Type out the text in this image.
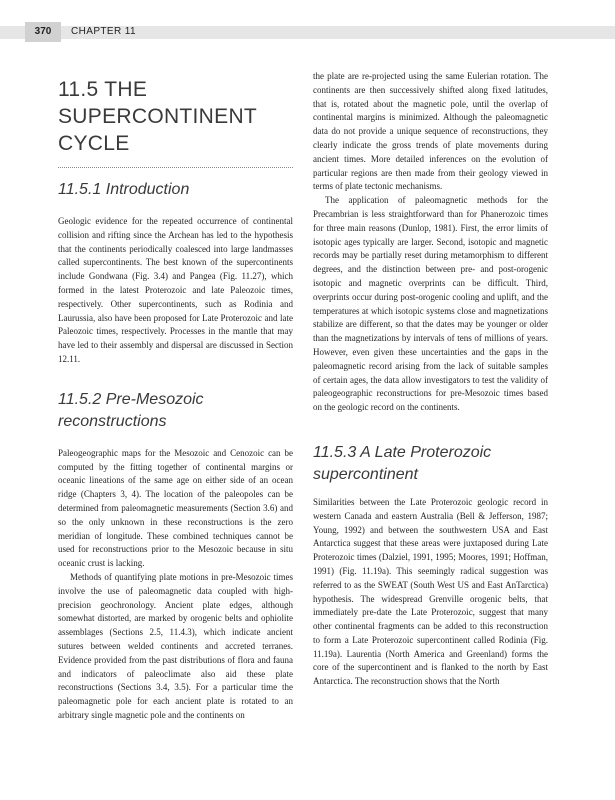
370	CHAPTER 11
11.5 THE SUPERCONTINENT CYCLE
11.5.1 Introduction

Geologic evidence for the repeated occurrence of continental collision and rifting since the Archean has led to the hypothesis that the continents periodically coalesced into large landmasses called supercontinents. The best known of the supercontinents include Gondwana (Fig. 3.4) and Pangea (Fig. 11.27), which formed in the latest Proterozoic and late Paleozoic times, respectively. Other supercontinents, such as Rodinia and Laurussia, also have been proposed for Late Proterozoic and late Paleozoic times, respectively. Processes in the mantle that may have led to their assembly and dispersal are discussed in Section 12.11.

11.5.2 Pre-Mesozoic reconstructions

Paleogeographic maps for the Mesozoic and Cenozoic can be computed by the fitting together of continental margins or oceanic lineations of the same age on either side of an ocean ridge (Chapters 3, 4). The location of the paleopoles can be determined from paleomagnetic measurements (Section 3.6) and so the only unknown in these reconstructions is the zero meridian of longitude. These combined techniques cannot be used for reconstructions prior to the Mesozoic because in situ oceanic crust is lacking.

Methods of quantifying plate motions in pre-Mesozoic times involve the use of paleomagnetic data coupled with high-precision geochronology. Ancient plate edges, although somewhat distorted, are marked by orogenic belts and ophiolite assemblages (Sections 2.5, 11.4.3), which indicate ancient sutures between welded continents and accreted terranes. Evidence provided from the past distributions of flora and fauna and indicators of paleoclimate also aid these plate reconstructions (Sections 3.4, 3.5). For a particular time the paleomagnetic pole for each ancient plate is rotated to an arbitrary single magnetic pole and the continents on

the plate are re-projected using the same Eulerian rotation. The continents are then successively shifted along fixed latitudes, that is, rotated about the magnetic pole, until the overlap of continental margins is minimized. Although the paleomagnetic data do not provide a unique sequence of reconstructions, they clearly indicate the gross trends of plate movements during ancient times. More detailed inferences on the evolution of particular regions are then made from their geology viewed in terms of plate tectonic mechanisms.

The application of paleomagnetic methods for the Precambrian is less straightforward than for Phanerozoic times for three main reasons (Dunlop, 1981). First, the error limits of isotopic ages typically are larger. Second, isotopic and magnetic records may be partially reset during metamorphism to different degrees, and the distinction between pre- and post-orogenic isotopic and magnetic overprints can be difficult. Third, overprints occur during post-orogenic cooling and uplift, and the temperatures at which isotopic systems close and magnetizations stabilize are different, so that the dates may be younger or older than the magnetizations by intervals of tens of millions of years. However, even given these uncertainties and the gaps in the paleomagnetic record arising from the lack of suitable samples of certain ages, the data allow investigators to test the validity of paleogeographic reconstructions for pre-Mesozoic times based on the geologic record on the continents.

11.5.3 A Late Proterozoic supercontinent

Similarities between the Late Proterozoic geologic record in western Canada and eastern Australia (Bell & Jefferson, 1987; Young, 1992) and between the southwestern USA and East Antarctica suggest that these areas were juxtaposed during Late Proterozoic times (Dalziel, 1991, 1995; Moores, 1991; Hoffman, 1991) (Fig. 11.19a). This seemingly radical suggestion was referred to as the SWEAT (South West US and East AnTarctica) hypothesis. The widespread Grenville orogenic belts, that immediately pre-date the Late Proterozoic, suggest that many other continental fragments can be added to this reconstruction to form a Late Proterozoic supercontinent called Rodinia (Fig. 11.19a). Laurentia (North America and Greenland) forms the core of the supercontinent and is flanked to the north by East Antarctica. The reconstruction shows that the North
